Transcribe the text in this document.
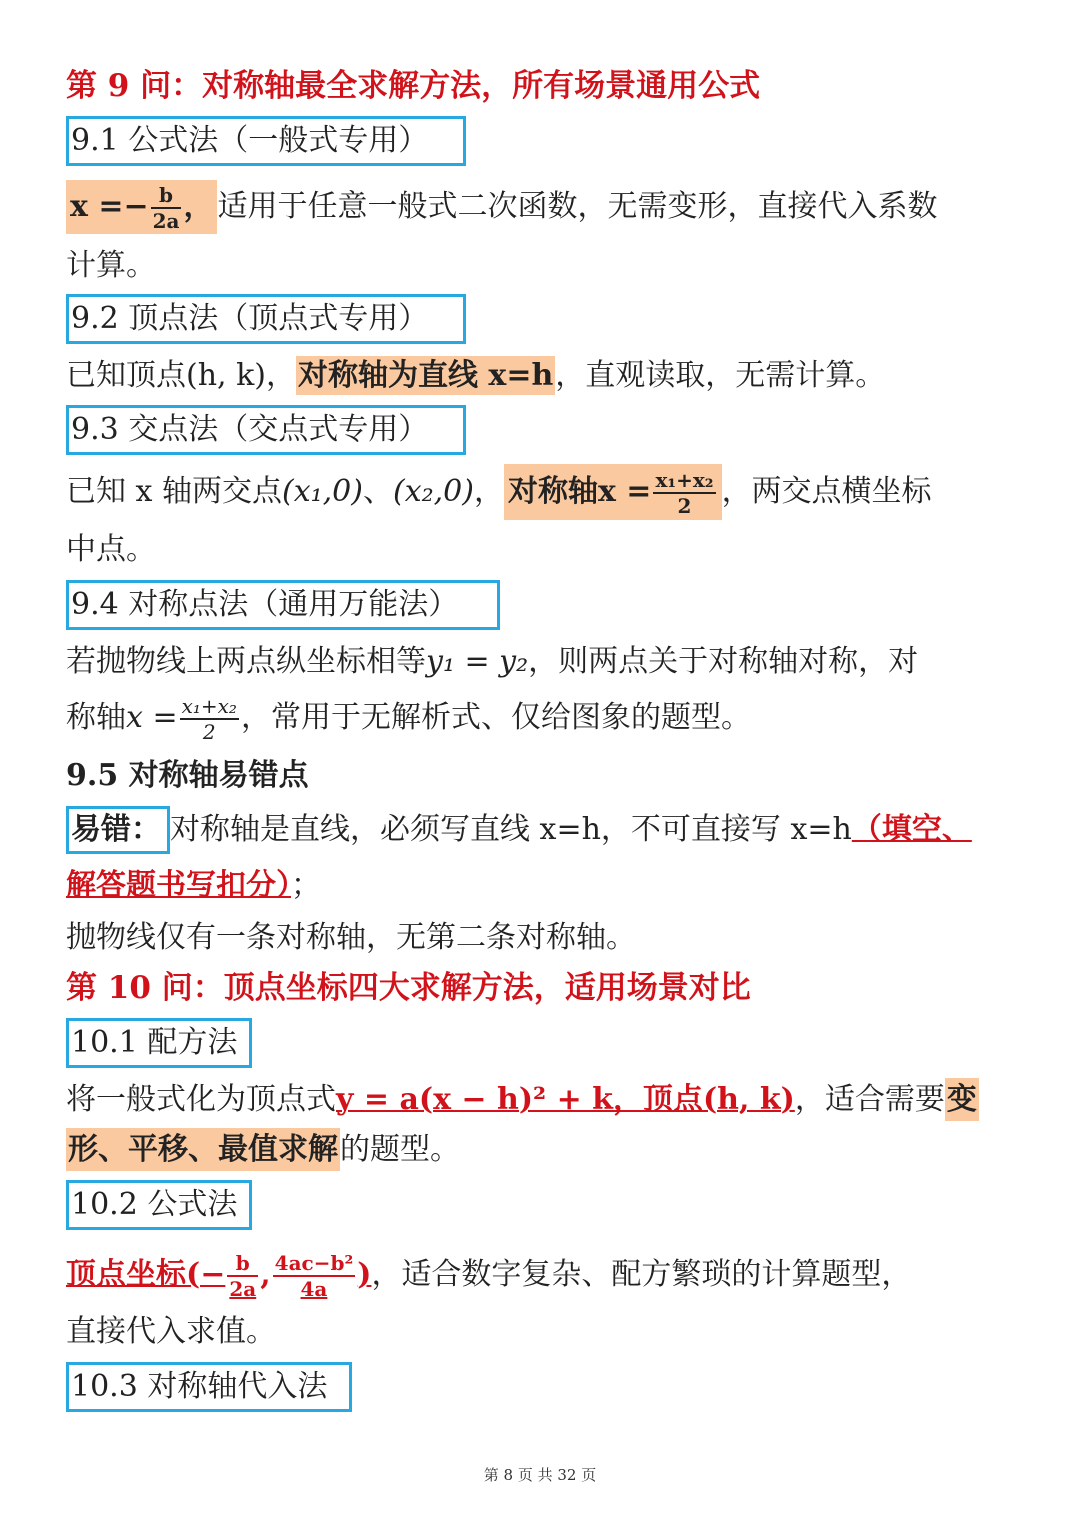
第 9 问：对称轴最全求解方法，所有场景通用公式
9.1 公式法（一般式专用）
$x =- \frac{b}{2a}$ ， 适用于任意一般式二次函数，无需变形，直接代入系数
计算。
9.2 顶点法（顶点式专用）
已知顶点(h, k)，对称轴为直线 x=h，直观读取，无需计算。
9.3 交点法（交点式专用）
已知 x 轴两交点(x₁,0)、(x₂,0)， 对称轴$x = \frac{\text{x₁+x₂}}{2}$ ，两交点横坐标
中点。
9.4 对称点法（通用万能法）
若抛物线上两点纵坐标相等y₁ = y₂，则两点关于对称轴对称，对
称轴$x = \frac{\text{x₁+x₂}}{2}$ ，常用于无解析式、仅给图象的题型。
9.5 对称轴易错点
易错： 对称轴是直线，必须写直线 x=h，不可直接写 x=h（填空、
解答题书写扣分）；
抛物线仅有一条对称轴，无第二条对称轴。
第 10 问：顶点坐标四大求解方法，适用场景对比
10.1 配方法
将一般式化为顶点式y = a(x − h)² + k，顶点(h, k)，适合需要变
形、平移、最值求解的题型。
10.2 公式法
顶点坐标(− $\frac{b}{2a}$ , $\frac{\text{4ac−b²}}{4a}$ )，适合数字复杂、配方繁琐的计算题型，
直接代入求值。
10.3 对称轴代入法
第 8 页 共 32 页
